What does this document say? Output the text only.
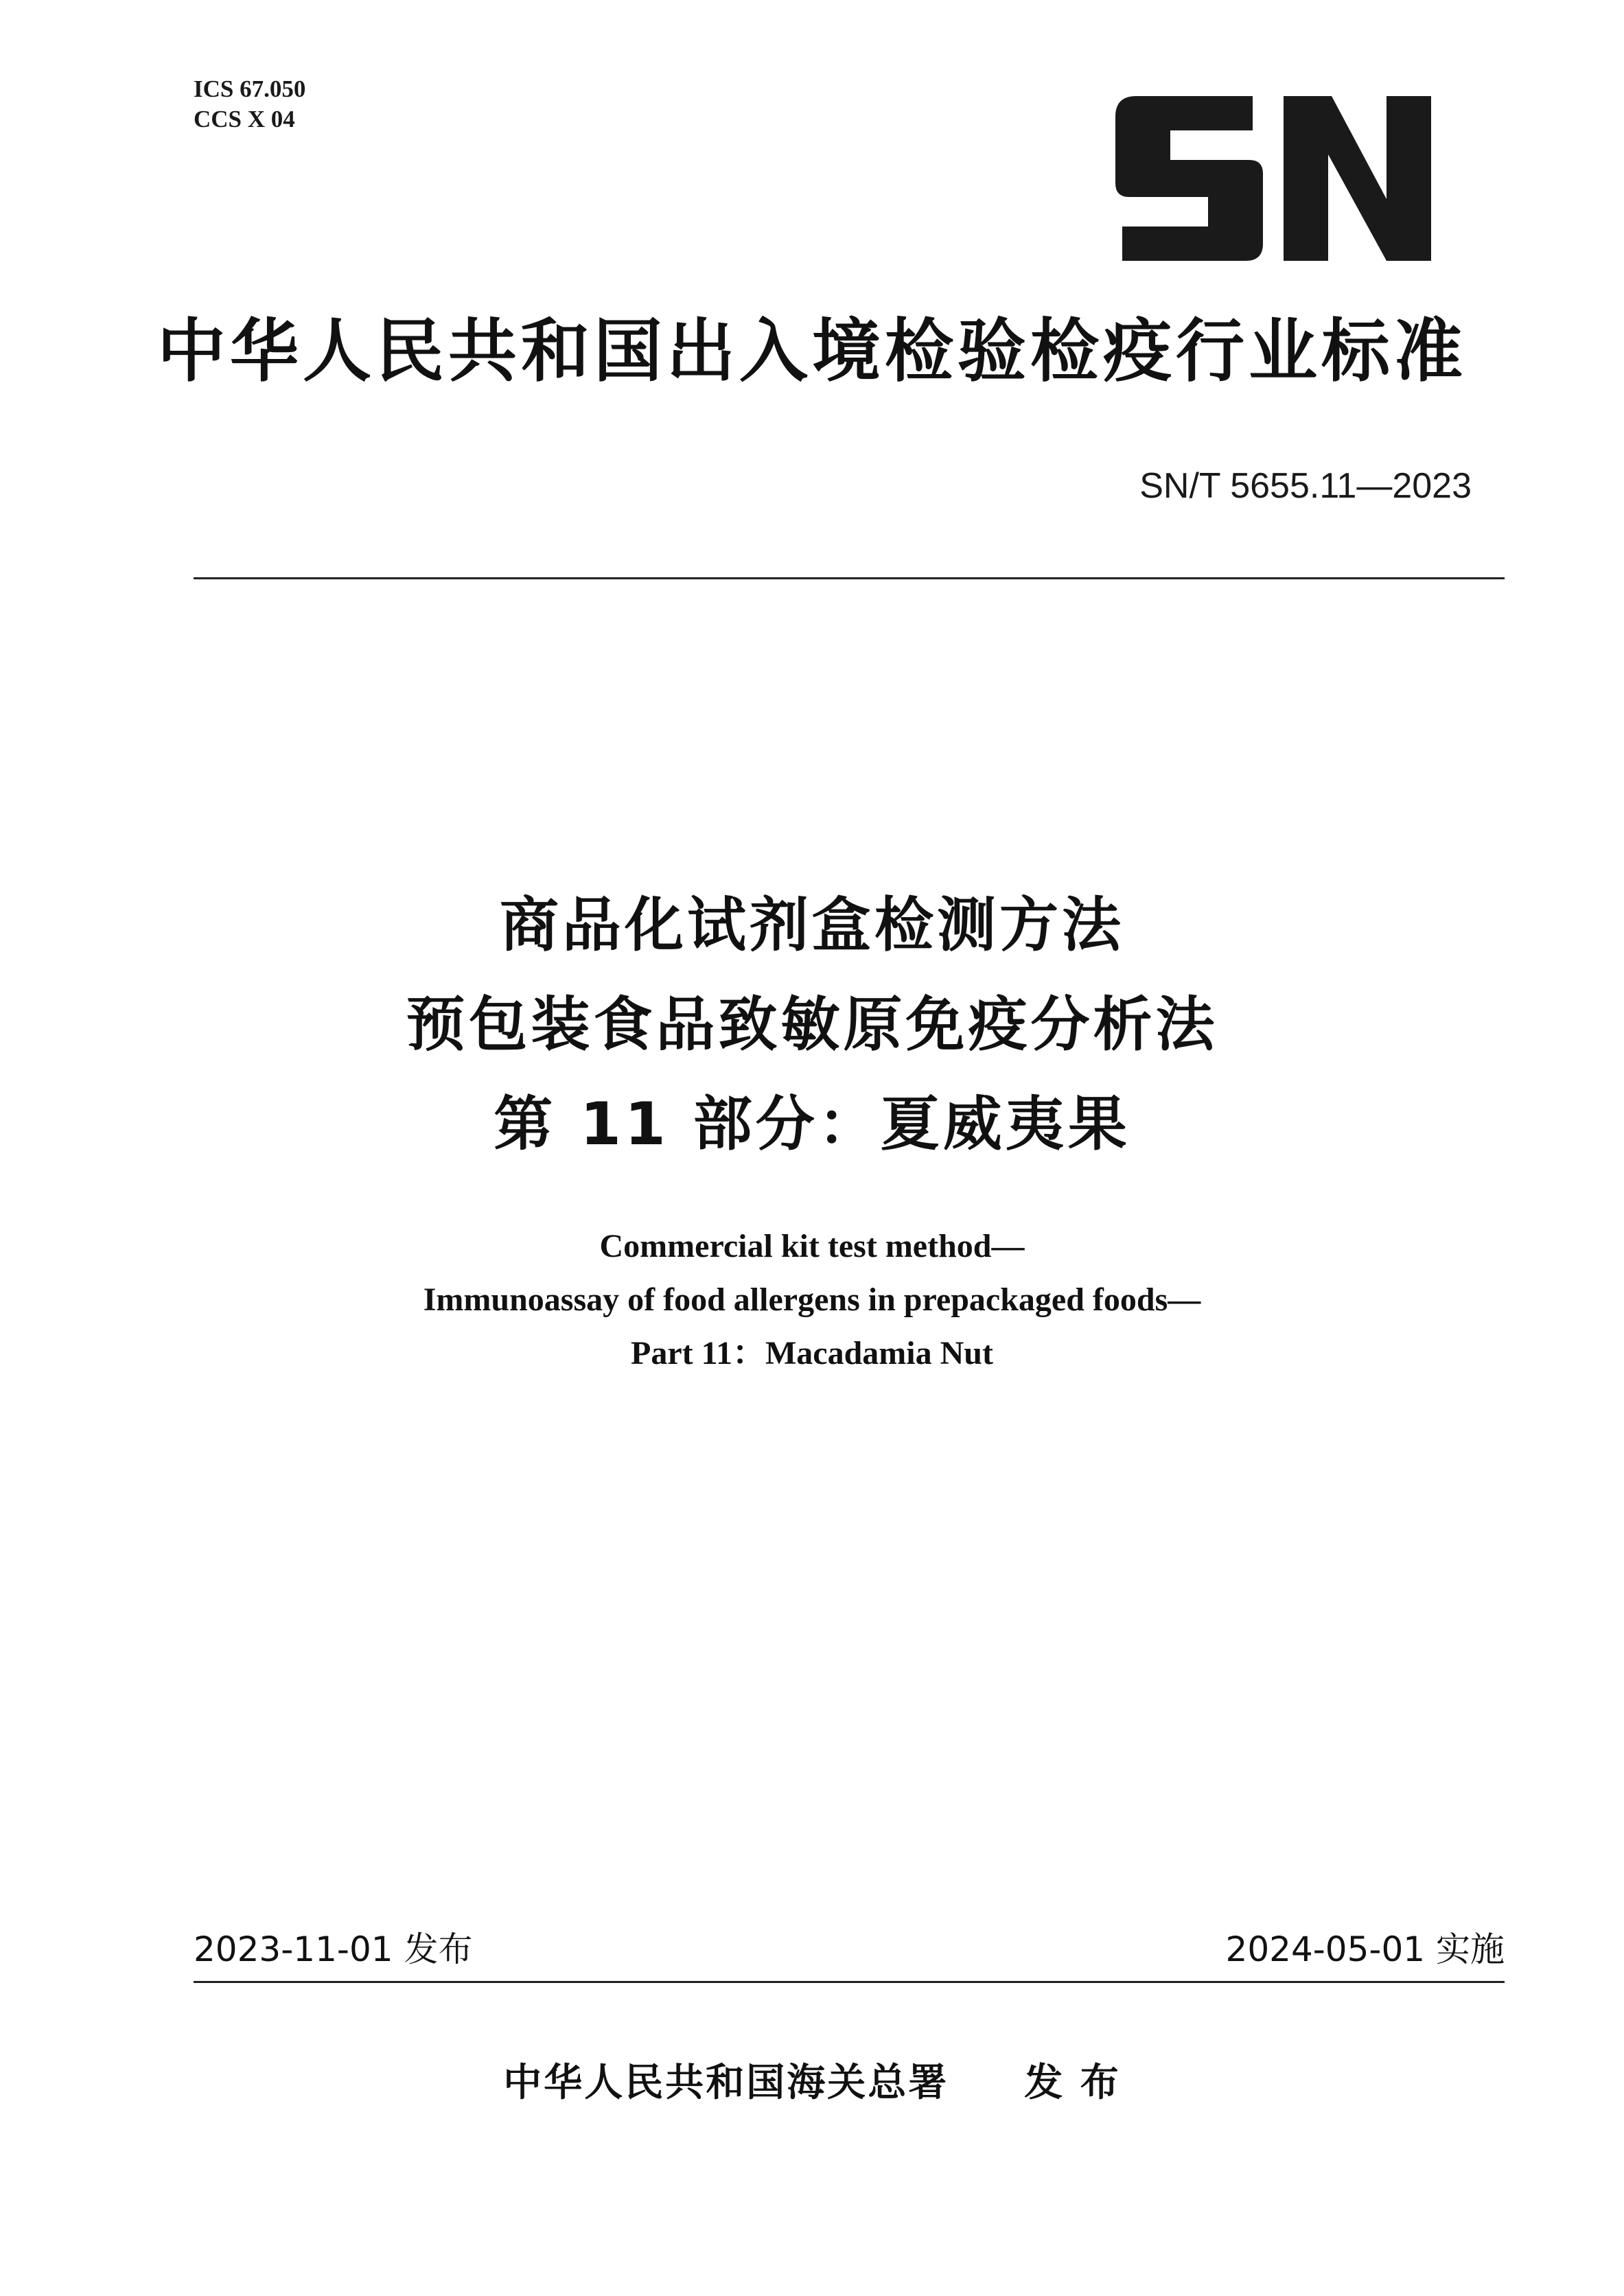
ICS 67.050
CCS X 04
SN
中华人民共和国出入境检验检疫行业标准
SN/T 5655.11—2023
商品化试剂盒检测方法
预包装食品致敏原免疫分析法
第 11 部分：夏威夷果
Commercial kit test method—
Immunoassay of food allergens in prepackaged foods—
Part 11：Macadamia Nut
2023-11-01 发布	2024-05-01 实施
中华人民共和国海关总署 发 布
